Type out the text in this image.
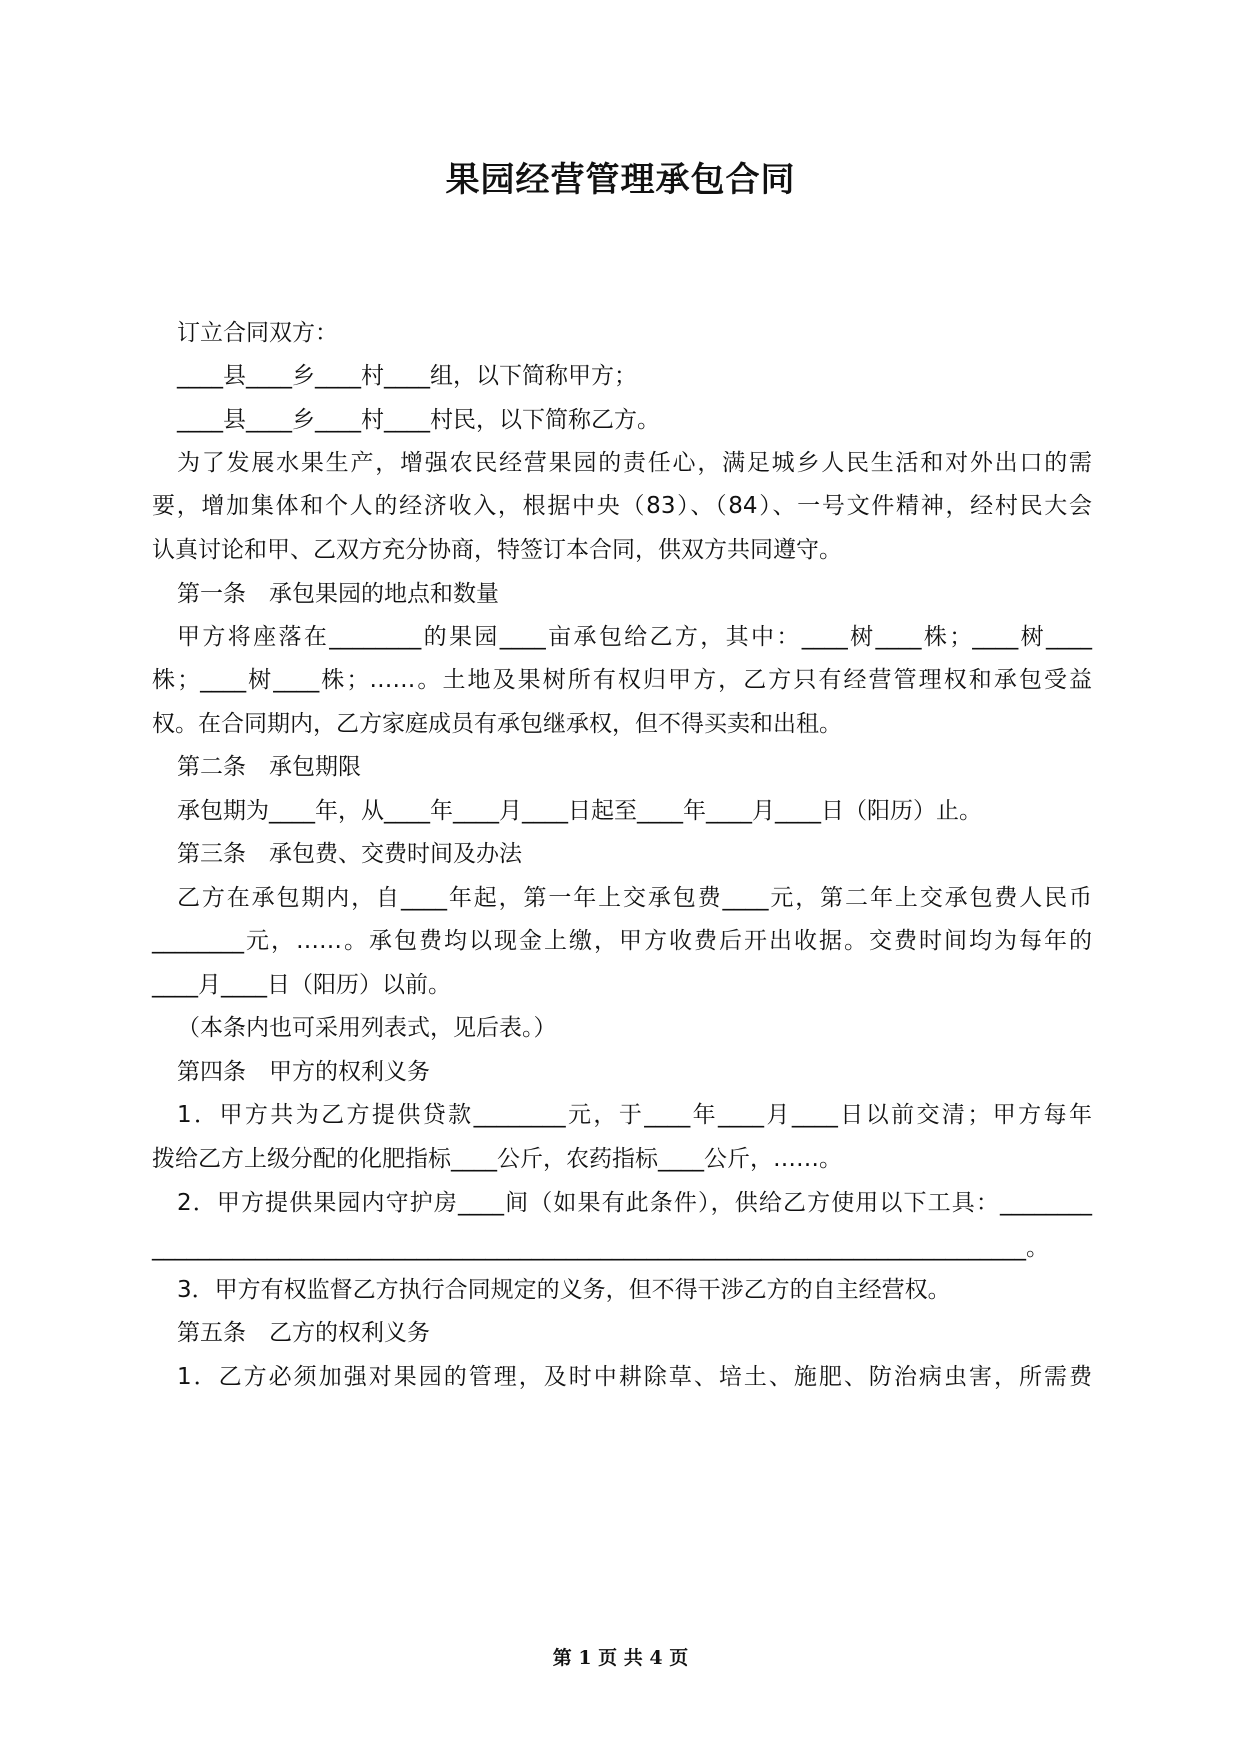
果园经营管理承包合同
订立合同双方：
____县____乡____村____组，以下简称甲方；
____县____乡____村____村民，以下简称乙方。
为了发展水果生产，增强农民经营果园的责任心，满足城乡人民生活和对外出口的需
要，增加集体和个人的经济收入，根据中央（83）、（84）、一号文件精神，经村民大会
认真讨论和甲、乙双方充分协商，特签订本合同，供双方共同遵守。
第一条　承包果园的地点和数量
甲方将座落在________的果园____亩承包给乙方，其中：____树____株；____树____
株；____树____株；……。土地及果树所有权归甲方，乙方只有经营管理权和承包受益
权。在合同期内，乙方家庭成员有承包继承权，但不得买卖和出租。
第二条　承包期限
承包期为____年，从____年____月____日起至____年____月____日（阳历）止。
第三条　承包费、交费时间及办法
乙方在承包期内，自____年起，第一年上交承包费____元，第二年上交承包费人民币
________元，……。承包费均以现金上缴，甲方收费后开出收据。交费时间均为每年的
____月____日（阳历）以前。
（本条内也可采用列表式，见后表。）
第四条　甲方的权利义务
1．甲方共为乙方提供贷款________元，于____年____月____日以前交清；甲方每年
拨给乙方上级分配的化肥指标____公斤，农药指标____公斤，……。
2．甲方提供果园内守护房____间（如果有此条件），供给乙方使用以下工具：________
____________________________________________________________________________。
3．甲方有权监督乙方执行合同规定的义务，但不得干涉乙方的自主经营权。
第五条　乙方的权利义务
1．乙方必须加强对果园的管理，及时中耕除草、培土、施肥、防治病虫害，所需费
第 1 页 共 4 页
